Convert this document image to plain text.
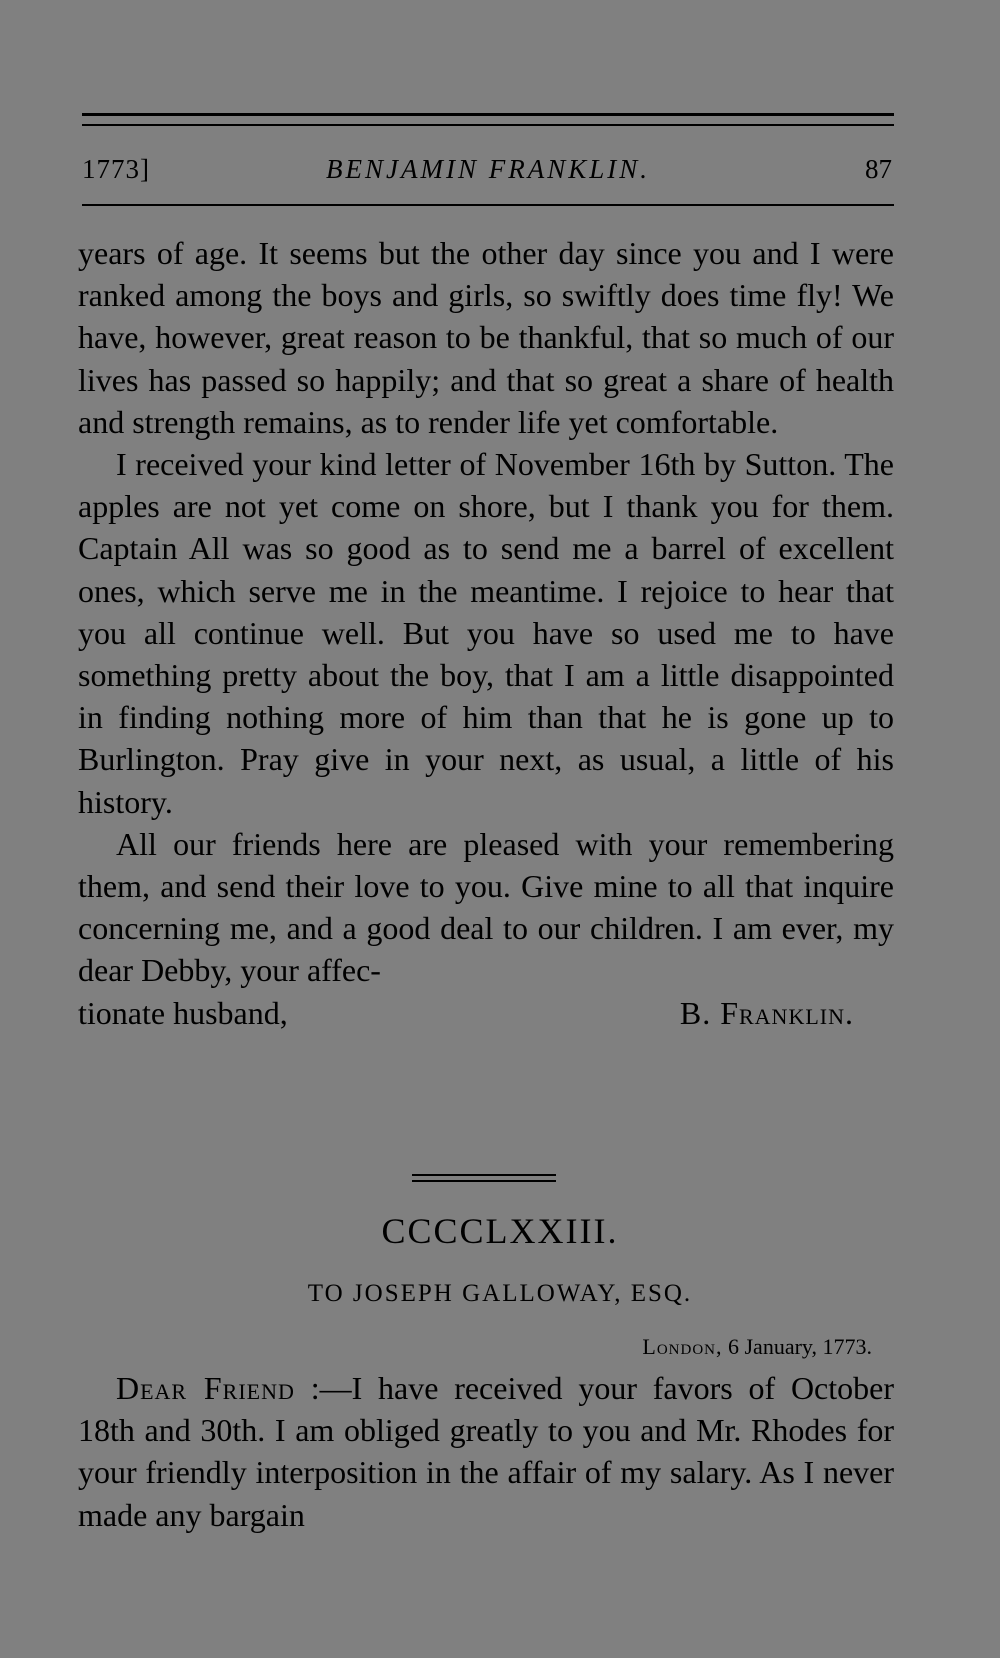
1773]	BENJAMIN FRANKLIN.	87

years of age. It seems but the other day since you and I were ranked among the boys and girls, so swiftly does time fly! We have, however, great reason to be thankful, that so much of our lives has passed so happily; and that so great a share of health and strength remains, as to render life yet comfortable.

I received your kind letter of November 16th by Sutton. The apples are not yet come on shore, but I thank you for them. Captain All was so good as to send me a barrel of excellent ones, which serve me in the meantime. I rejoice to hear that you all continue well. But you have so used me to have something pretty about the boy, that I am a little disappointed in finding nothing more of him than that he is gone up to Burlington. Pray give in your next, as usual, a little of his history.

All our friends here are pleased with your remembering them, and send their love to you. Give mine to all that inquire concerning me, and a good deal to our children. I am ever, my dear Debby, your affec-

tionate husband,	B. Franklin.
CCCCLXXIII.
TO JOSEPH GALLOWAY, ESQ.
London, 6 January, 1773.

Dear Friend :—I have received your favors of October 18th and 30th. I am obliged greatly to you and Mr. Rhodes for your friendly interposition in the affair of my salary. As I never made any bargain
